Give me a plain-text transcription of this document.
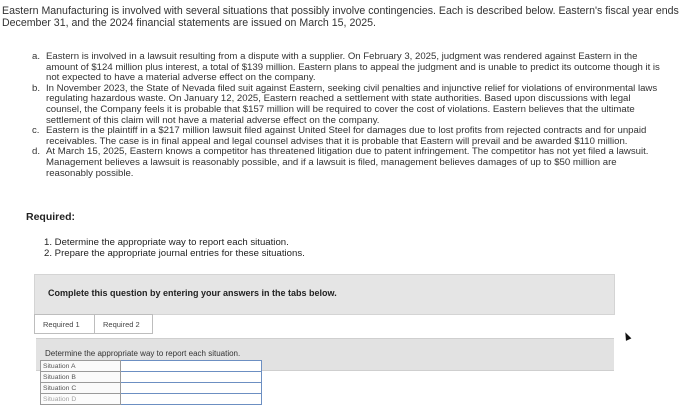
Eastern Manufacturing is involved with several situations that possibly involve contingencies. Each is described below. Eastern's fiscal year ends December 31, and the 2024 financial statements are issued on March 15, 2025.
a. Eastern is involved in a lawsuit resulting from a dispute with a supplier. On February 3, 2025, judgment was rendered against Eastern in the amount of $124 million plus interest, a total of $139 million. Eastern plans to appeal the judgment and is unable to predict its outcome though it is not expected to have a material adverse effect on the company.
b. In November 2023, the State of Nevada filed suit against Eastern, seeking civil penalties and injunctive relief for violations of environmental laws regulating hazardous waste. On January 12, 2025, Eastern reached a settlement with state authorities. Based upon discussions with legal counsel, the Company feels it is probable that $157 million will be required to cover the cost of violations. Eastern believes that the ultimate settlement of this claim will not have a material adverse effect on the company.
c. Eastern is the plaintiff in a $217 million lawsuit filed against United Steel for damages due to lost profits from rejected contracts and for unpaid receivables. The case is in final appeal and legal counsel advises that it is probable that Eastern will prevail and be awarded $110 million.
d. At March 15, 2025, Eastern knows a competitor has threatened litigation due to patent infringement. The competitor has not yet filed a lawsuit. Management believes a lawsuit is reasonably possible, and if a lawsuit is filed, management believes damages of up to $50 million are reasonably possible.
Required:
1. Determine the appropriate way to report each situation.
2. Prepare the appropriate journal entries for these situations.
Complete this question by entering your answers in the tabs below.
Required 1	Required 2
Determine the appropriate way to report each situation.
Situation A	
Situation B	
Situation C	
Situation D	
